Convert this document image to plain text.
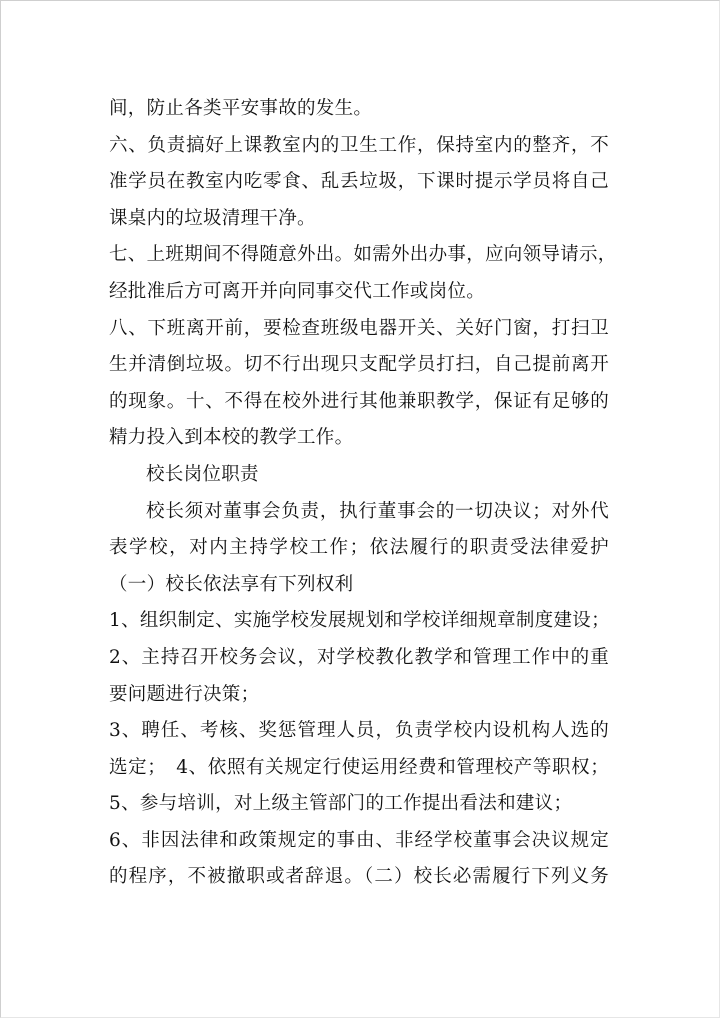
间，防止各类平安事故的发生。
六、负责搞好上课教室内的卫生工作，保持室内的整齐，不
准学员在教室内吃零食、乱丢垃圾，下课时提示学员将自己
课桌内的垃圾清理干净。
七、上班期间不得随意外出。如需外出办事，应向领导请示，
经批准后方可离开并向同事交代工作或岗位。
八、下班离开前，要检查班级电器开关、关好门窗，打扫卫
生并清倒垃圾。切不行出现只支配学员打扫，自己提前离开
的现象。十、不得在校外进行其他兼职教学，保证有足够的
精力投入到本校的教学工作。
校长岗位职责
校长须对董事会负责，执行董事会的一切决议；对外代
表学校，对内主持学校工作；依法履行的职责受法律爱护
（一）校长依法享有下列权利
1、组织制定、实施学校发展规划和学校详细规章制度建设；
2、主持召开校务会议，对学校教化教学和管理工作中的重
要问题进行决策；
3、聘任、考核、奖惩管理人员，负责学校内设机构人选的
选定；　4、依照有关规定行使运用经费和管理校产等职权；
5、参与培训，对上级主管部门的工作提出看法和建议；
6、非因法律和政策规定的事由、非经学校董事会决议规定
的程序，不被撤职或者辞退。（二）校长必需履行下列义务
